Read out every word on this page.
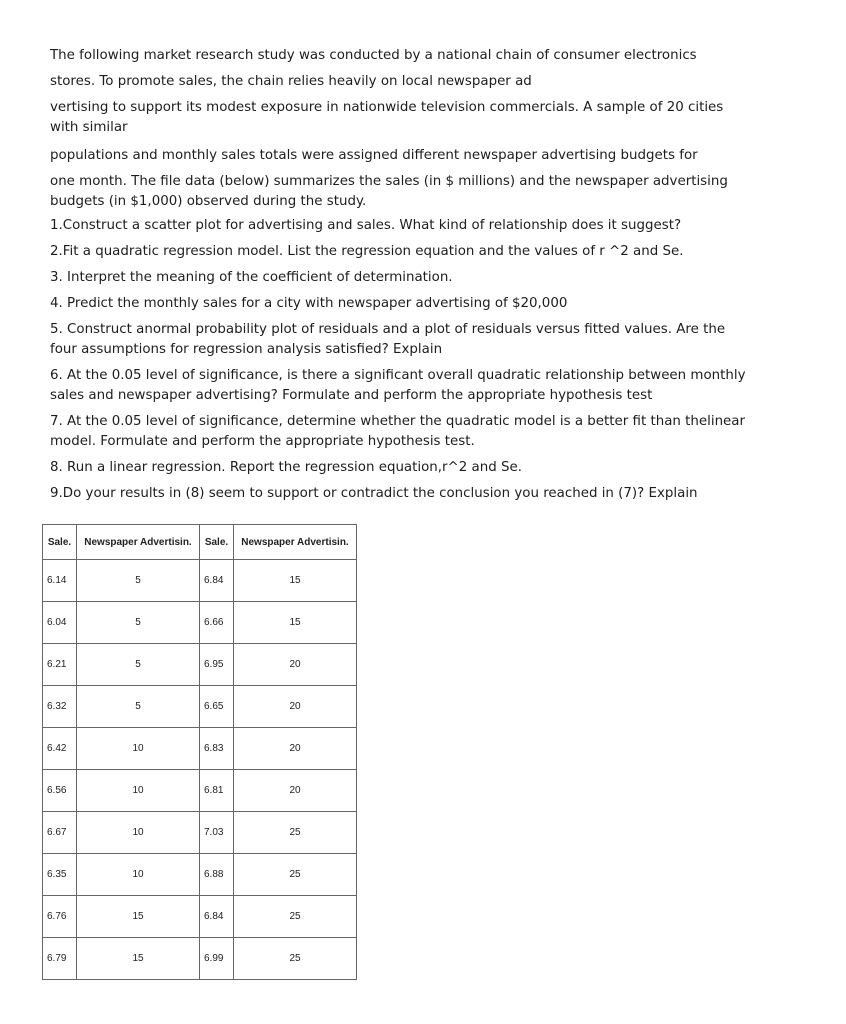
The following market research study was conducted by a national chain of consumer electronics
stores. To promote sales, the chain relies heavily on local newspaper ad
vertising to support its modest exposure in nationwide television commercials. A sample of 20 cities with similar
populations and monthly sales totals were assigned different newspaper advertising budgets for
one month. The file data (below) summarizes the sales (in $ millions) and the newspaper advertising budgets (in $1,000) observed during the study.
1.Construct a scatter plot for advertising and sales. What kind of relationship does it suggest?
2.Fit a quadratic regression model. List the regression equation and the values of r ^2 and Se.
3. Interpret the meaning of the coefficient of determination.
4. Predict the monthly sales for a city with newspaper advertising of $20,000
5. Construct anormal probability plot of residuals and a plot of residuals versus fitted values. Are the four assumptions for regression analysis satisfied? Explain
6. At the 0.05 level of significance, is there a significant overall quadratic relationship between monthly sales and newspaper advertising? Formulate and perform the appropriate hypothesis test
7. At the 0.05 level of significance, determine whether the quadratic model is a better fit than thelinear model. Formulate and perform the appropriate hypothesis test.
8. Run a linear regression. Report the regression equation,r^2 and Se.
9.Do your results in (8) seem to support or contradict the conclusion you reached in (7)? Explain
Sale.	Newspaper Advertisin.	Sale.	Newspaper Advertisin.
6.14	5	6.84	15
6.04	5	6.66	15
6.21	5	6.95	20
6.32	5	6.65	20
6.42	10	6.83	20
6.56	10	6.81	20
6.67	10	7.03	25
6.35	10	6.88	25
6.76	15	6.84	25
6.79	15	6.99	25
